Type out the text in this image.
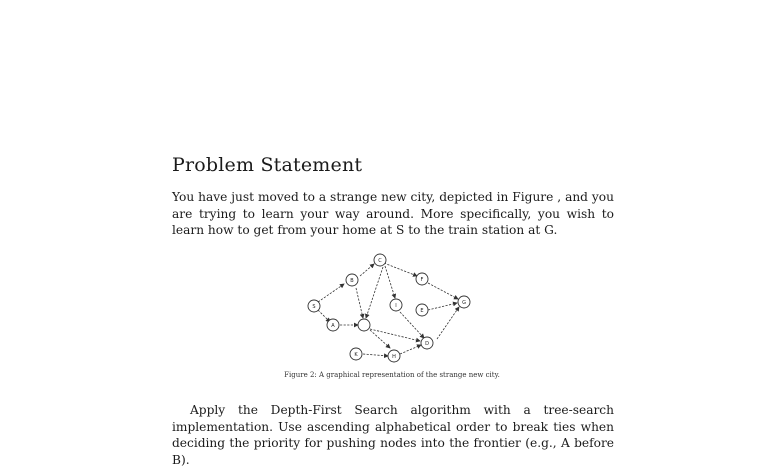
Problem Statement

You have just moved to a strange new city, depicted in Figure , and you are trying to learn your way around. More specifically, you wish to learn how to get from your home at S to the train station at G.

S
A
B
C
D
E
F
G
H
I
K
Figure 2: A graphical representation of the strange new city.

Apply the Depth-First Search algorithm with a tree-search implementation. Use ascending alphabetical order to break ties when deciding the priority for pushing nodes into the frontier (e.g., A before B).
